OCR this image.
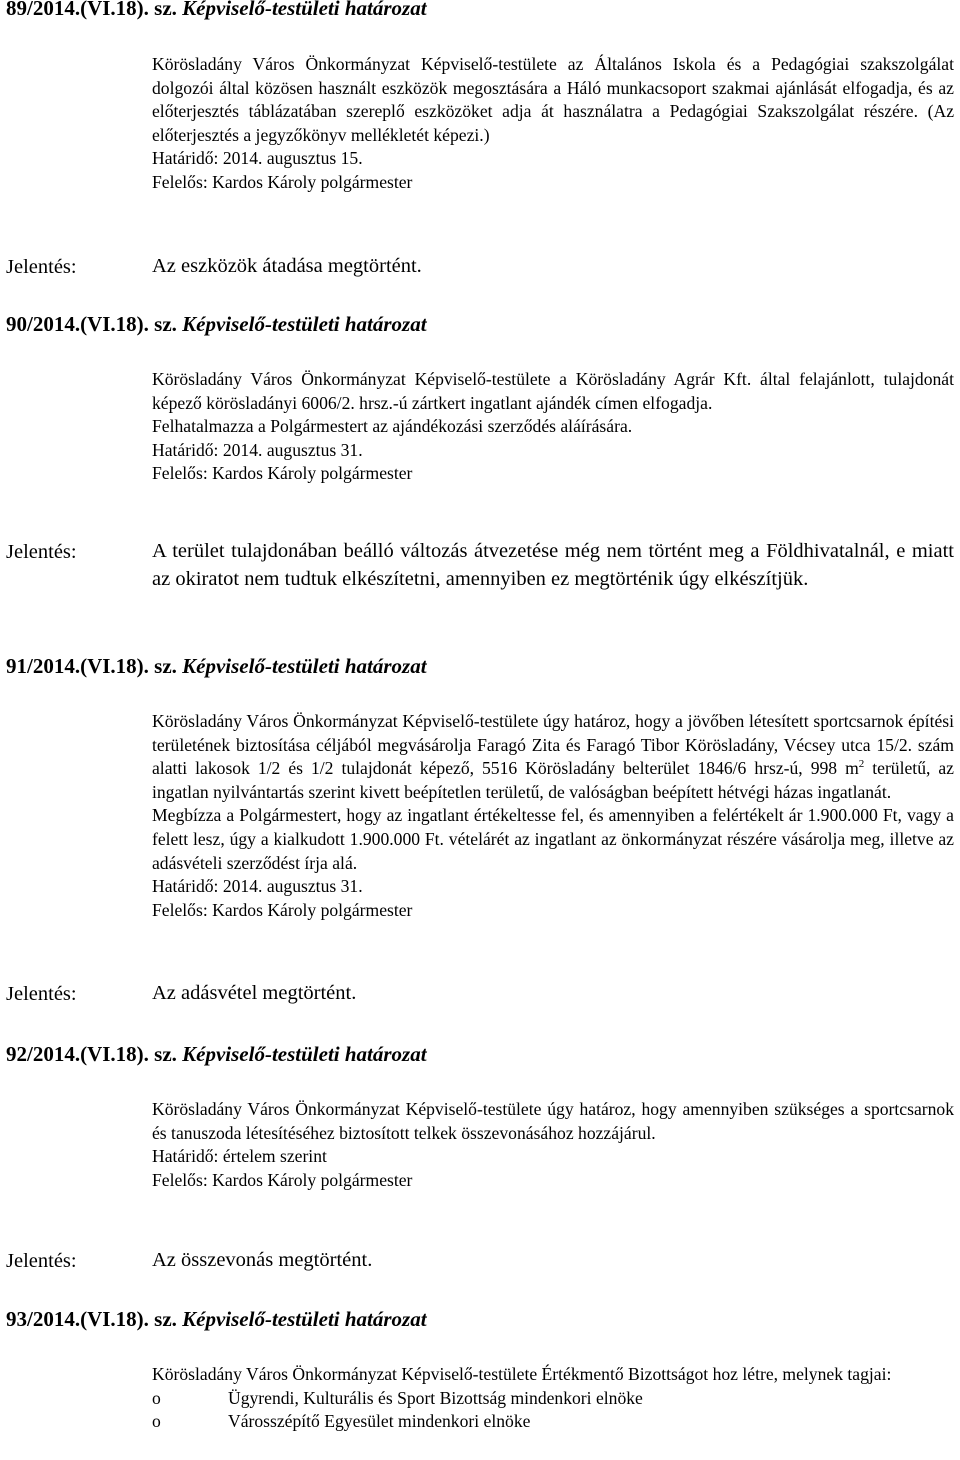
89/2014.(VI.18). sz. Képviselő-testületi határozat

Körösladány Város Önkormányzat Képviselő-testülete az Általános Iskola és a Pedagógiai szakszolgálat dolgozói által közösen használt eszközök megosztására a Háló munkacsoport szakmai ajánlását elfogadja, és az előterjesztés táblázatában szereplő eszközöket adja át használatra a Pedagógiai Szakszolgálat részére. (Az előterjesztés a jegyzőkönyv mellékletét képezi.)

Határidő: 2014. augusztus 15.
Felelős: Kardos Károly polgármester
Jelentés:	Az eszközök átadása megtörtént.
90/2014.(VI.18). sz. Képviselő-testületi határozat

Körösladány Város Önkormányzat Képviselő-testülete a Körösladány Agrár Kft. által felajánlott, tulajdonát képező körösladányi 6006/2. hrsz.-ú zártkert ingatlant ajándék címen elfogadja.

Felhatalmazza a Polgármestert az ajándékozási szerződés aláírására.
Határidő: 2014. augusztus 31.
Felelős: Kardos Károly polgármester
Jelentés:	A terület tulajdonában beálló változás átvezetése még nem történt meg a Földhivatalnál, e miatt az okiratot nem tudtuk elkészítetni, amennyiben ez megtörténik úgy elkészítjük.
91/2014.(VI.18). sz. Képviselő-testületi határozat

Körösladány Város Önkormányzat Képviselő-testülete úgy határoz, hogy a jövőben létesített sportcsarnok építési területének biztosítása céljából megvásárolja Faragó Zita és Faragó Tibor Körösladány, Vécsey utca 15/2. szám alatti lakosok 1/2 és 1/2 tulajdonát képező, 5516 Körösladány belterület 1846/6 hrsz-ú, 998 $m^2$ területű, az ingatlan nyilvántartás szerint kivett beépítetlen területű, de valóságban beépített hétvégi házas ingatlanát.

Megbízza a Polgármestert, hogy az ingatlant értékeltesse fel, és amennyiben a felértékelt ár 1.900.000 Ft, vagy a felett lesz, úgy a kialkudott 1.900.000 Ft. vételárét az ingatlant az önkormányzat részére vásárolja meg, illetve az adásvételi szerződést írja alá.

Határidő: 2014. augusztus 31.
Felelős: Kardos Károly polgármester
Jelentés:	Az adásvétel megtörtént.
92/2014.(VI.18). sz. Képviselő-testületi határozat

Körösladány Város Önkormányzat Képviselő-testülete úgy határoz, hogy amennyiben szükséges a sportcsarnok és tanuszoda létesítéséhez biztosított telkek összevonásához hozzájárul.

Határidő: értelem szerint
Felelős: Kardos Károly polgármester
Jelentés:	Az összevonás megtörtént.
93/2014.(VI.18). sz. Képviselő-testületi határozat

Körösladány Város Önkormányzat Képviselő-testülete Értékmentő Bizottságot hoz létre, melynek tagjai:

o	Ügyrendi, Kulturális és Sport Bizottság mindenkori elnöke
o	Városszépítő Egyesület mindenkori elnöke
